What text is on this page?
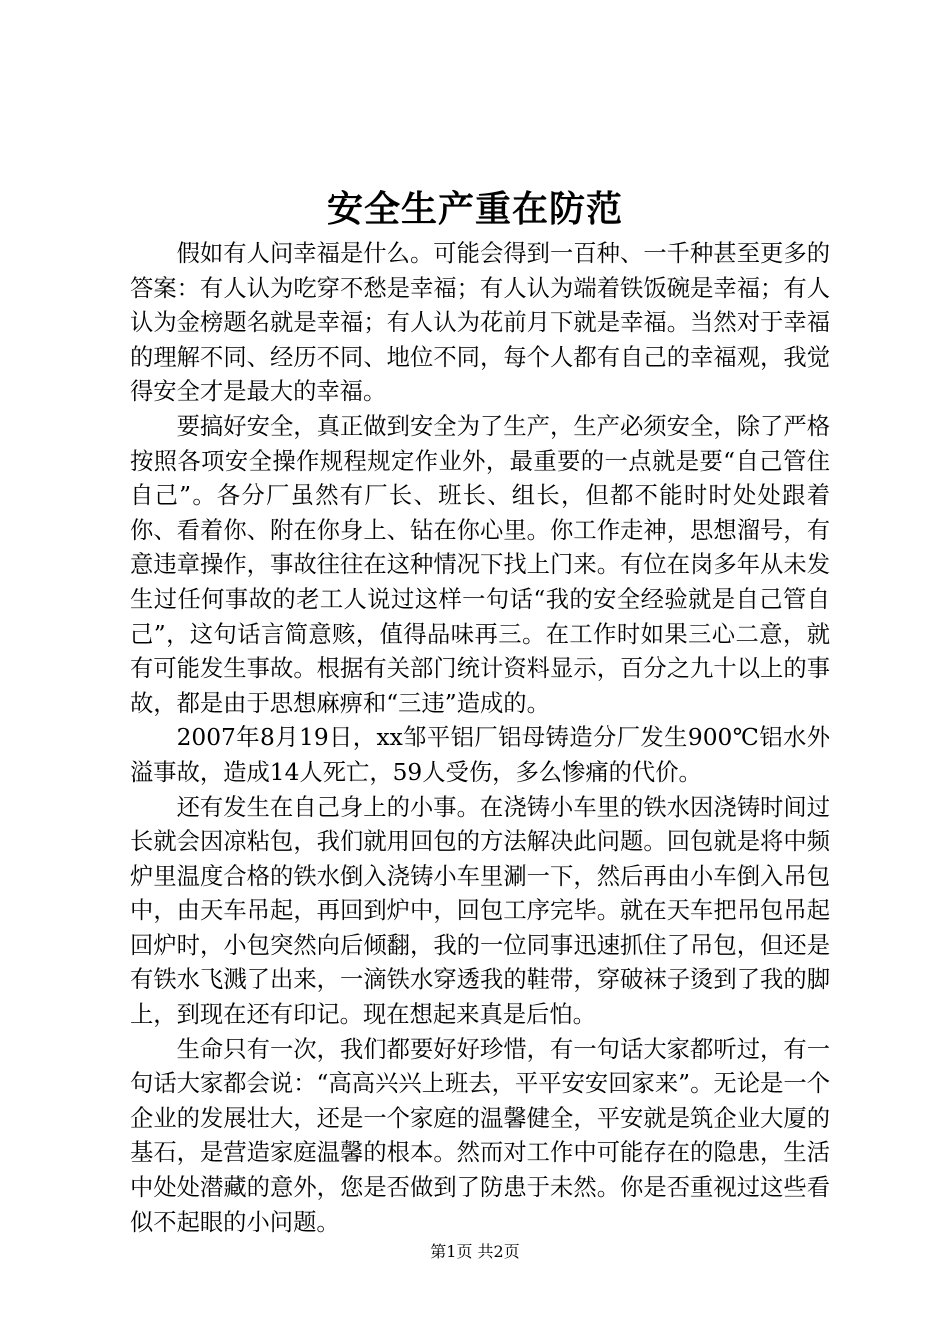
安全生产重在防范

假如有人问幸福是什么。可能会得到一百种、一千种甚至更多的答案：有人认为吃穿不愁是幸福；有人认为端着铁饭碗是幸福；有人认为金榜题名就是幸福；有人认为花前月下就是幸福。当然对于幸福的理解不同、经历不同、地位不同，每个人都有自己的幸福观，我觉得安全才是最大的幸福。

要搞好安全，真正做到安全为了生产，生产必须安全，除了严格按照各项安全操作规程规定作业外，最重要的一点就是要“自己管住自己”。各分厂虽然有厂长、班长、组长，但都不能时时处处跟着你、看着你、附在你身上、钻在你心里。你工作走神，思想溜号，有意违章操作，事故往往在这种情况下找上门来。有位在岗多年从未发生过任何事故的老工人说过这样一句话“我的安全经验就是自己管自己”，这句话言简意赅，值得品味再三。在工作时如果三心二意，就有可能发生事故。根据有关部门统计资料显示，百分之九十以上的事故，都是由于思想麻痹和“三违”造成的。

2007年8月19日，xx邹平铝厂铝母铸造分厂发生900℃铝水外溢事故，造成14人死亡，59人受伤，多么惨痛的代价。

还有发生在自己身上的小事。在浇铸小车里的铁水因浇铸时间过长就会因凉粘包，我们就用回包的方法解决此问题。回包就是将中频炉里温度合格的铁水倒入浇铸小车里涮一下，然后再由小车倒入吊包中，由天车吊起，再回到炉中，回包工序完毕。就在天车把吊包吊起回炉时，小包突然向后倾翻，我的一位同事迅速抓住了吊包，但还是有铁水飞溅了出来，一滴铁水穿透我的鞋带，穿破袜子烫到了我的脚上，到现在还有印记。现在想起来真是后怕。

生命只有一次，我们都要好好珍惜，有一句话大家都听过，有一句话大家都会说：“高高兴兴上班去，平平安安回家来”。无论是一个企业的发展壮大，还是一个家庭的温馨健全，平安就是筑企业大厦的基石，是营造家庭温馨的根本。然而对工作中可能存在的隐患，生活中处处潜藏的意外，您是否做到了防患于未然。你是否重视过这些看似不起眼的小问题。

第1页 共2页
